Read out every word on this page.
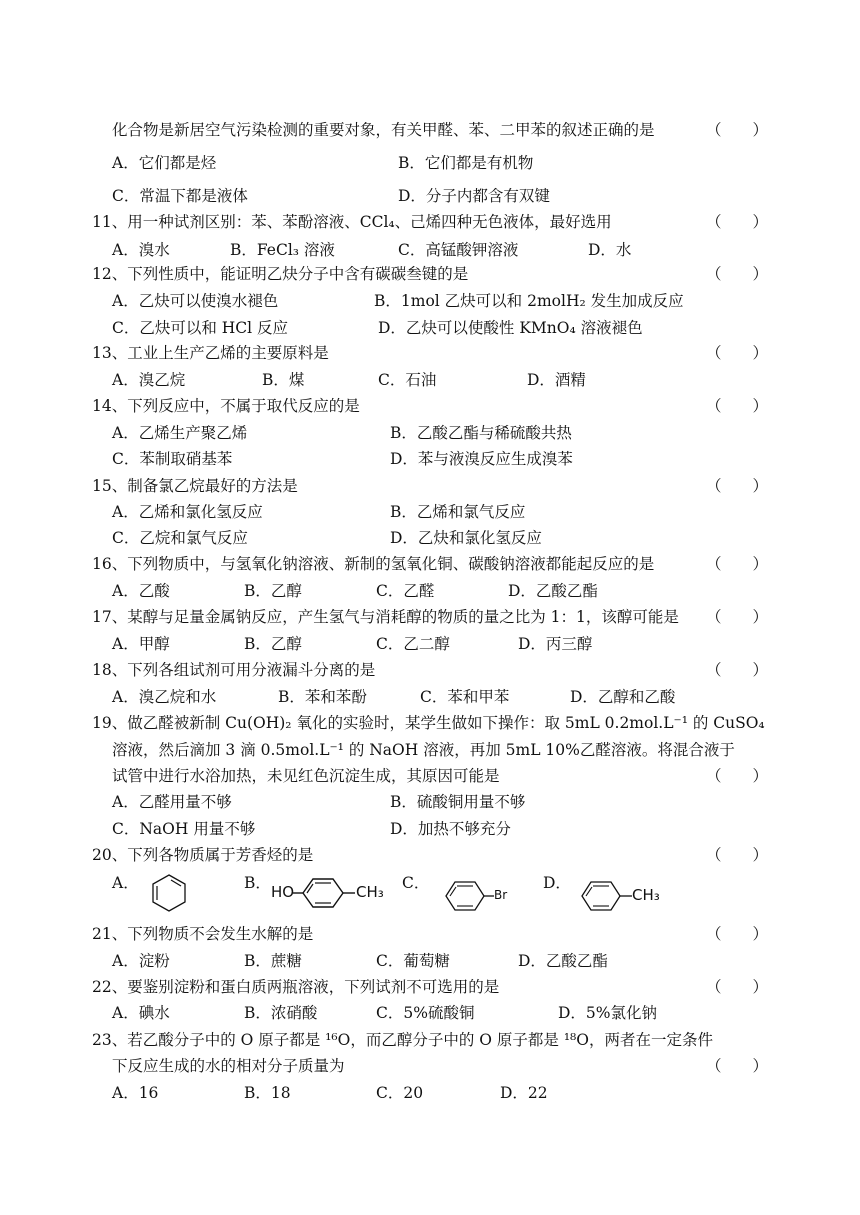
化合物是新居空气污染检测的重要对象，有关甲醛、苯、二甲苯的叙述正确的是	（　　）
A．它们都是烃	B．它们都是有机物
C．常温下都是液体	D．分子内都含有双键
11、用一种试剂区别：苯、苯酚溶液、CCl₄、己烯四种无色液体，最好选用	（　　）
A．溴水	B．FeCl₃ 溶液	C．高锰酸钾溶液	D．水
12、下列性质中，能证明乙炔分子中含有碳碳叁键的是	（　　）
A．乙炔可以使溴水褪色	B．1mol 乙炔可以和 2molH₂ 发生加成反应
C．乙炔可以和 HCl 反应	D．乙炔可以使酸性 KMnO₄ 溶液褪色
13、工业上生产乙烯的主要原料是	（　　）
A．溴乙烷	B．煤	C．石油	D．酒精
14、下列反应中，不属于取代反应的是	（　　）
A．乙烯生产聚乙烯	B．乙酸乙酯与稀硫酸共热
C．苯制取硝基苯	D．苯与液溴反应生成溴苯
15、制备氯乙烷最好的方法是	（　　）
A．乙烯和氯化氢反应	B．乙烯和氯气反应
C．乙烷和氯气反应	D．乙炔和氯化氢反应
16、下列物质中，与氢氧化钠溶液、新制的氢氧化铜、碳酸钠溶液都能起反应的是	（　　）
A．乙酸	B．乙醇	C．乙醛	D．乙酸乙酯
17、某醇与足量金属钠反应，产生氢气与消耗醇的物质的量之比为 1：1，该醇可能是 （　　）
A．甲醇	B．乙醇	C．乙二醇	D．丙三醇
18、下列各组试剂可用分液漏斗分离的是	（　　）
A．溴乙烷和水	B．苯和苯酚	C．苯和甲苯	D．乙醇和乙酸
19、做乙醛被新制 Cu(OH)₂ 氧化的实验时，某学生做如下操作：取 5mL 0.2mol.L⁻¹ 的 CuSO₄
溶液，然后滴加 3 滴 0.5mol.L⁻¹ 的 NaOH 溶液，再加 5mL 10%乙醛溶液。将混合液于
试管中进行水浴加热，未见红色沉淀生成，其原因可能是	（　　）
A．乙醛用量不够	B．硫酸铜用量不够
C．NaOH 用量不够	D．加热不够充分
20、下列各物质属于芳香烃的是	（　　）
A．	B．	C．	D．
HO	CH₃	Br	CH₃
21、下列物质不会发生水解的是	（　　）
A．淀粉	B．蔗糖	C．葡萄糖	D．乙酸乙酯
22、要鉴别淀粉和蛋白质两瓶溶液，下列试剂不可选用的是	（　　）
A．碘水	B．浓硝酸	C．5%硫酸铜	D．5%氯化钠
23、若乙酸分子中的 O 原子都是 ¹⁶O，而乙醇分子中的 O 原子都是 ¹⁸O，两者在一定条件
下反应生成的水的相对分子质量为	（　　）
A．16	B．18	C．20	D．22
